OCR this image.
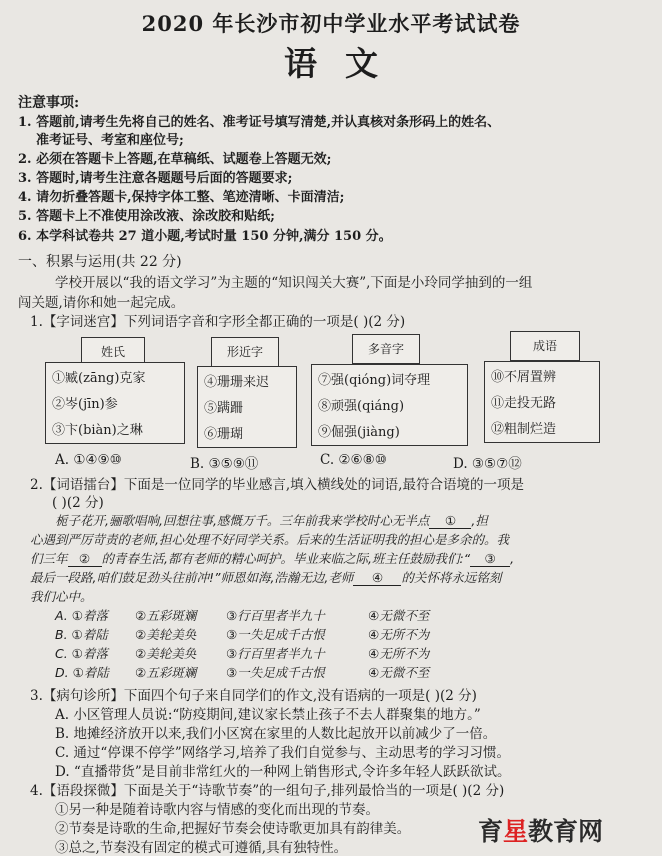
2020 年长沙市初中学业水平考试试卷
语文
注意事项:
1. 答题前,请考生先将自己的姓名、准考证号填写清楚,并认真核对条形码上的姓名、
准考证号、考室和座位号;
2. 必须在答题卡上答题,在草稿纸、试题卷上答题无效;
3. 答题时,请考生注意各题题号后面的答题要求;
4. 请勿折叠答题卡,保持字体工整、笔迹清晰、卡面清洁;
5. 答题卡上不准使用涂改液、涂改胶和贴纸;
6. 本学科试卷共 27 道小题,考试时量 150 分钟,满分 150 分。
一、积累与运用(共 22 分)
学校开展以“我的语文学习”为主题的“知识闯关大赛”,下面是小玲同学抽到的一组
闯关题,请你和她一起完成。
1.【字词迷宫】下列词语字音和字形全都正确的一项是( )(2 分)
姓氏
①臧(zāng)克家
②岑(jīn)参
③卞(biàn)之琳
形近字
④珊珊来迟
⑤蹒跚
⑥珊瑚
多音字
⑦强(qióng)词夺理
⑧顽强(qiáng)
⑨倔强(jiàng)
成语
⑩不屑置辨
⑪走投无路
⑫粗制烂造
A. ①④⑨⑩	B. ③⑤⑨⑪	C. ②⑥⑧⑩	D. ③⑤⑦⑫
2.【词语擂台】下面是一位同学的毕业感言,填入横线处的词语,最符合语境的一项是
( )(2 分)
栀子花开,骊歌唱响,回想往事,感慨万千。三年前我来学校时心无半点 ① ,担
心遇到严厉苛责的老师,担心处理不好同学关系。后来的生活证明我的担心是多余的。我
们三年 ② 的青春生活,都有老师的精心呵护。毕业来临之际,班主任鼓励我们:“ ③ ,
最后一段路,咱们鼓足劲头往前冲!”师恩如海,浩瀚无边,老师 ④ 的关怀将永远铭刻
我们心中。
A. ①着落 ②五彩斑斓 ③行百里者半九十	④无微不至
B. ①着陆 ②美轮美奂 ③一失足成千古恨	④无所不为
C. ①着落 ②美轮美奂 ③行百里者半九十	④无所不为
D. ①着陆 ②五彩斑斓 ③一失足成千古恨	④无微不至
3.【病句诊所】下面四个句子来自同学们的作文,没有语病的一项是( )(2 分)
A. 小区管理人员说:“防疫期间,建议家长禁止孩子不去人群聚集的地方。”
B. 地摊经济放开以来,我们小区窝在家里的人数比起放开以前减少了一倍。
C. 通过“停课不停学”网络学习,培养了我们自觉参与、主动思考的学习习惯。
D. “直播带货”是目前非常红火的一种网上销售形式,令许多年轻人跃跃欲试。
4.【语段探微】下面是关于“诗歌节奏”的一组句子,排列最恰当的一项是( )(2 分)
①另一种是随着诗歌内容与情感的变化而出现的节奏。
②节奏是诗歌的生命,把握好节奏会使诗歌更加具有韵律美。
③总之,节奏没有固定的模式可遵循,具有独特性。
育星教育网
